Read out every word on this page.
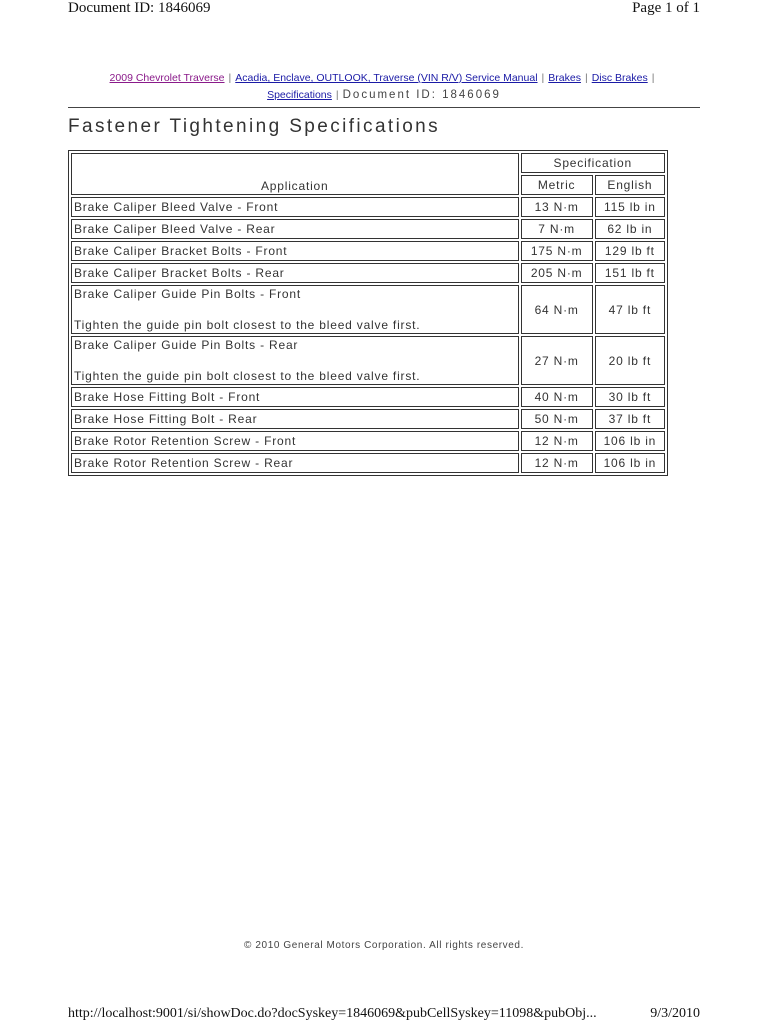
Document ID: 1846069	Page 1 of 1
2009 Chevrolet Traverse | Acadia, Enclave, OUTLOOK, Traverse (VIN R/V) Service Manual | Brakes | Disc Brakes |
Specifications | Document ID: 1846069
Fastener Tightening Specifications
Application	Specification	
	Metric	English
Brake Caliper Bleed Valve - Front	13 N·m	115 lb in
Brake Caliper Bleed Valve - Rear	7 N·m	62 lb in
Brake Caliper Bracket Bolts - Front	175 N·m	129 lb ft
Brake Caliper Bracket Bolts - Rear	205 N·m	151 lb ft
Brake Caliper Guide Pin Bolts - Front
Tighten the guide pin bolt closest to the bleed valve first.	64 N·m	47 lb ft
Brake Caliper Guide Pin Bolts - Rear
Tighten the guide pin bolt closest to the bleed valve first.	27 N·m	20 lb ft
Brake Hose Fitting Bolt - Front	40 N·m	30 lb ft
Brake Hose Fitting Bolt - Rear	50 N·m	37 lb ft
Brake Rotor Retention Screw - Front	12 N·m	106 lb in
Brake Rotor Retention Screw - Rear	12 N·m	106 lb in
© 2010 General Motors Corporation. All rights reserved.
http://localhost:9001/si/showDoc.do?docSyskey=1846069&pubCellSyskey=11098&pubObj...	9/3/2010
